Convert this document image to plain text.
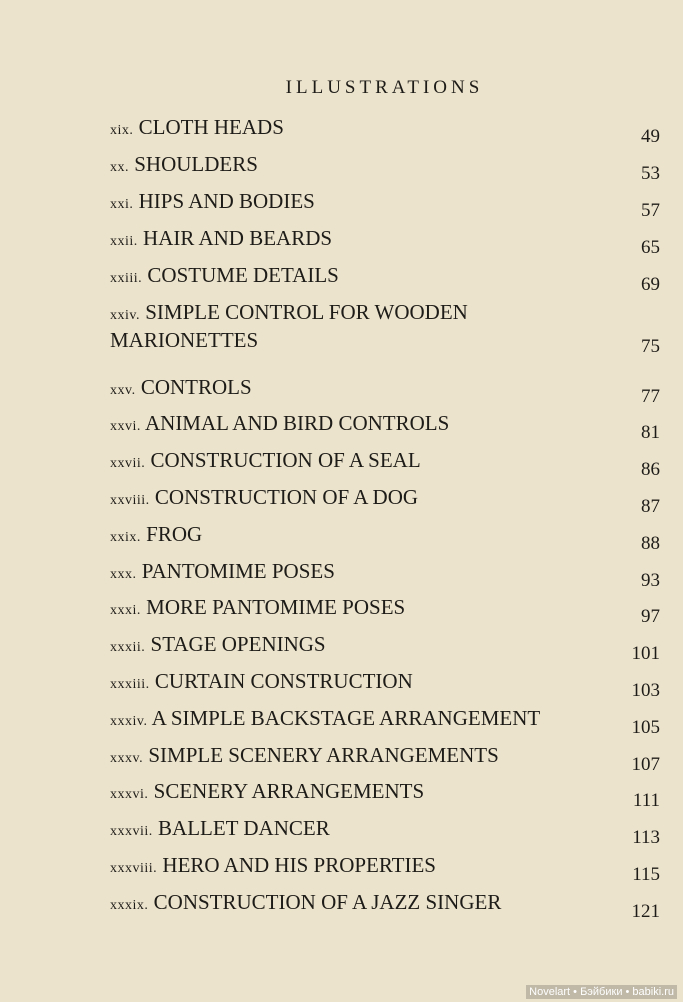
ILLUSTRATIONS
xix. CLOTH HEADS	49
xx. SHOULDERS	53
xxi. HIPS AND BODIES	57
xxii. HAIR AND BEARDS	65
xxiii. COSTUME DETAILS	69
xxiv. SIMPLE CONTROL FOR WOODEN MARIONETTES	75
xxv. CONTROLS	77
xxvi. ANIMAL AND BIRD CONTROLS	81
xxvii. CONSTRUCTION OF A SEAL	86
xxviii. CONSTRUCTION OF A DOG	87
xxix. FROG	88
xxx. PANTOMIME POSES	93
xxxi. MORE PANTOMIME POSES	97
xxxii. STAGE OPENINGS	101
xxxiii. CURTAIN CONSTRUCTION	103
xxxiv. A SIMPLE BACKSTAGE ARRANGEMENT	105
xxxv. SIMPLE SCENERY ARRANGEMENTS	107
xxxvi. SCENERY ARRANGEMENTS	111
xxxvii. BALLET DANCER	113
xxxviii. HERO AND HIS PROPERTIES	115
xxxix. CONSTRUCTION OF A JAZZ SINGER	121
Novelart • Бэйбики • babiki.ru
